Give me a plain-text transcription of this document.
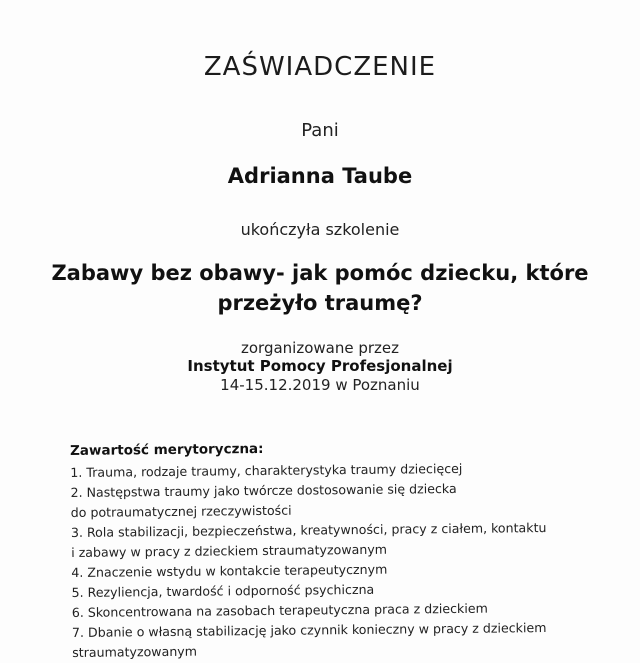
ZAŚWIADCZENIE
Pani
Adrianna Taube
ukończyła szkolenie
Zabawy bez obawy- jak pomóc dziecku, które
przeżyło traumę?
zorganizowane przez
Instytut Pomocy Profesjonalnej
14-15.12.2019 w Poznaniu
Zawartość merytoryczna:
1. Trauma, rodzaje traumy, charakterystyka traumy dziecięcej
2. Następstwa traumy jako twórcze dostosowanie się dziecka
do potraumatycznej rzeczywistości
3. Rola stabilizacji, bezpieczeństwa, kreatywności, pracy z ciałem, kontaktu
i zabawy w pracy z dzieckiem straumatyzowanym
4. Znaczenie wstydu w kontakcie terapeutycznym
5. Rezyliencja, twardość i odporność psychiczna
6. Skoncentrowana na zasobach terapeutyczna praca z dzieckiem
7. Dbanie o własną stabilizację jako czynnik konieczny w pracy z dzieckiem
straumatyzowanym
